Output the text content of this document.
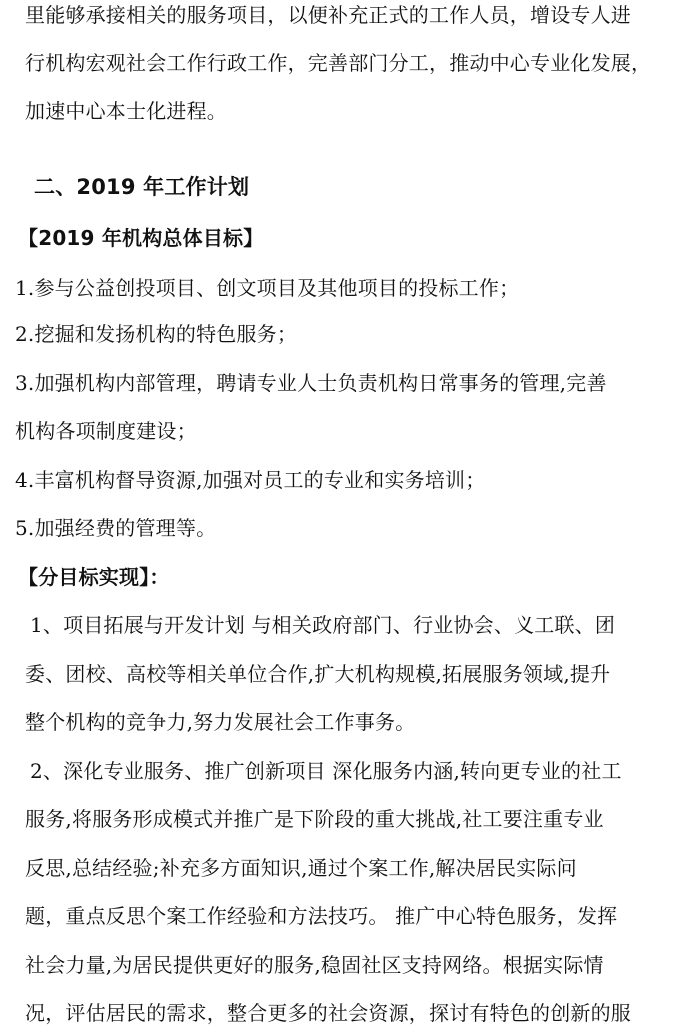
里能够承接相关的服务项目，以便补充正式的工作人员，增设专人进
行机构宏观社会工作行政工作，完善部门分工，推动中心专业化发展，
加速中心本士化进程。
二、2019 年工作计划
【2019 年机构总体目标】
1.参与公益创投项目、创文项目及其他项目的投标工作；
2.挖掘和发扬机构的特色服务；
3.加强机构内部管理，聘请专业人士负责机构日常事务的管理,完善
机构各项制度建设；
4.丰富机构督导资源,加强对员工的专业和实务培训；
5.加强经费的管理等。
【分目标实现】：
1、项目拓展与开发计划 与相关政府部门、行业协会、义工联、团
委、团校、高校等相关单位合作,扩大机构规模,拓展服务领域,提升
整个机构的竞争力,努力发展社会工作事务。
2、深化专业服务、推广创新项目 深化服务内涵,转向更专业的社工
服务,将服务形成模式并推广是下阶段的重大挑战,社工要注重专业
反思,总结经验;补充多方面知识,通过个案工作,解决居民实际问
题，重点反思个案工作经验和方法技巧。 推广中心特色服务，发挥
社会力量,为居民提供更好的服务,稳固社区支持网络。根据实际情
况，评估居民的需求，整合更多的社会资源，探讨有特色的创新的服
